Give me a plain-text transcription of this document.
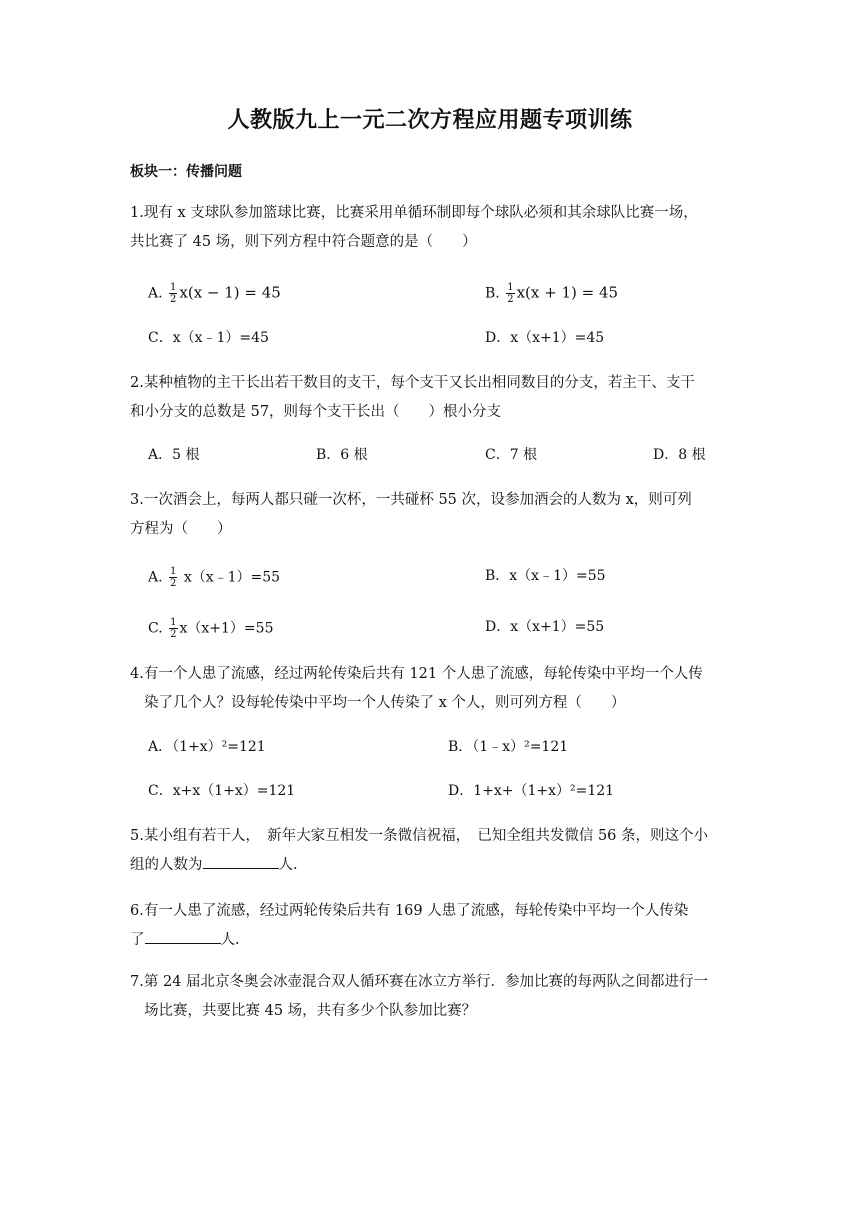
人教版九上一元二次方程应用题专项训练
板块一：传播问题
1.现有 x 支球队参加篮球比赛，比赛采用单循环制即每个球队必须和其余球队比赛一场，
共比赛了 45 场，则下列方程中符合题意的是（　　）
A. $\frac{1}{2} x(x - 1) = 45$	B. $\frac{1}{2} x(x + 1) = 45$
C．x（x﹣1）=45	D．x（x+1）=45
2.某种植物的主干长出若干数目的支干，每个支干又长出相同数目的分支，若主干、支干
和小分支的总数是 57，则每个支干长出（　　）根小分支
A．5 根	B．6 根	C．7 根	D．8 根
3.一次酒会上，每两人都只碰一次杯，一共碰杯 55 次，设参加酒会的人数为 x，则可列
方程为（　　）
A. $\frac{1}{2}$ x（x﹣1）=55	B．x（x﹣1）=55
C. $\frac{1}{2} x(x+1)=55$	D．x（x+1）=55
4.有一个人患了流感，经过两轮传染后共有 121 个人患了流感，每轮传染中平均一个人传
染了几个人？设每轮传染中平均一个人传染了 x 个人，则可列方程（　　）
A．（1+x）²=121	B．（1﹣x）²=121
C．x+x（1+x）=121	D．1+x+（1+x）²=121
5.某小组有若干人，　新年大家互相发一条微信祝福，　已知全组共发微信 56 条，则这个小
组的人数为	人.
6.有一人患了流感，经过两轮传染后共有 169 人患了流感，每轮传染中平均一个人传染
了	人.
7.第 24 届北京冬奥会冰壶混合双人循环赛在冰立方举行．参加比赛的每两队之间都进行一
场比赛，共要比赛 45 场，共有多少个队参加比赛？
